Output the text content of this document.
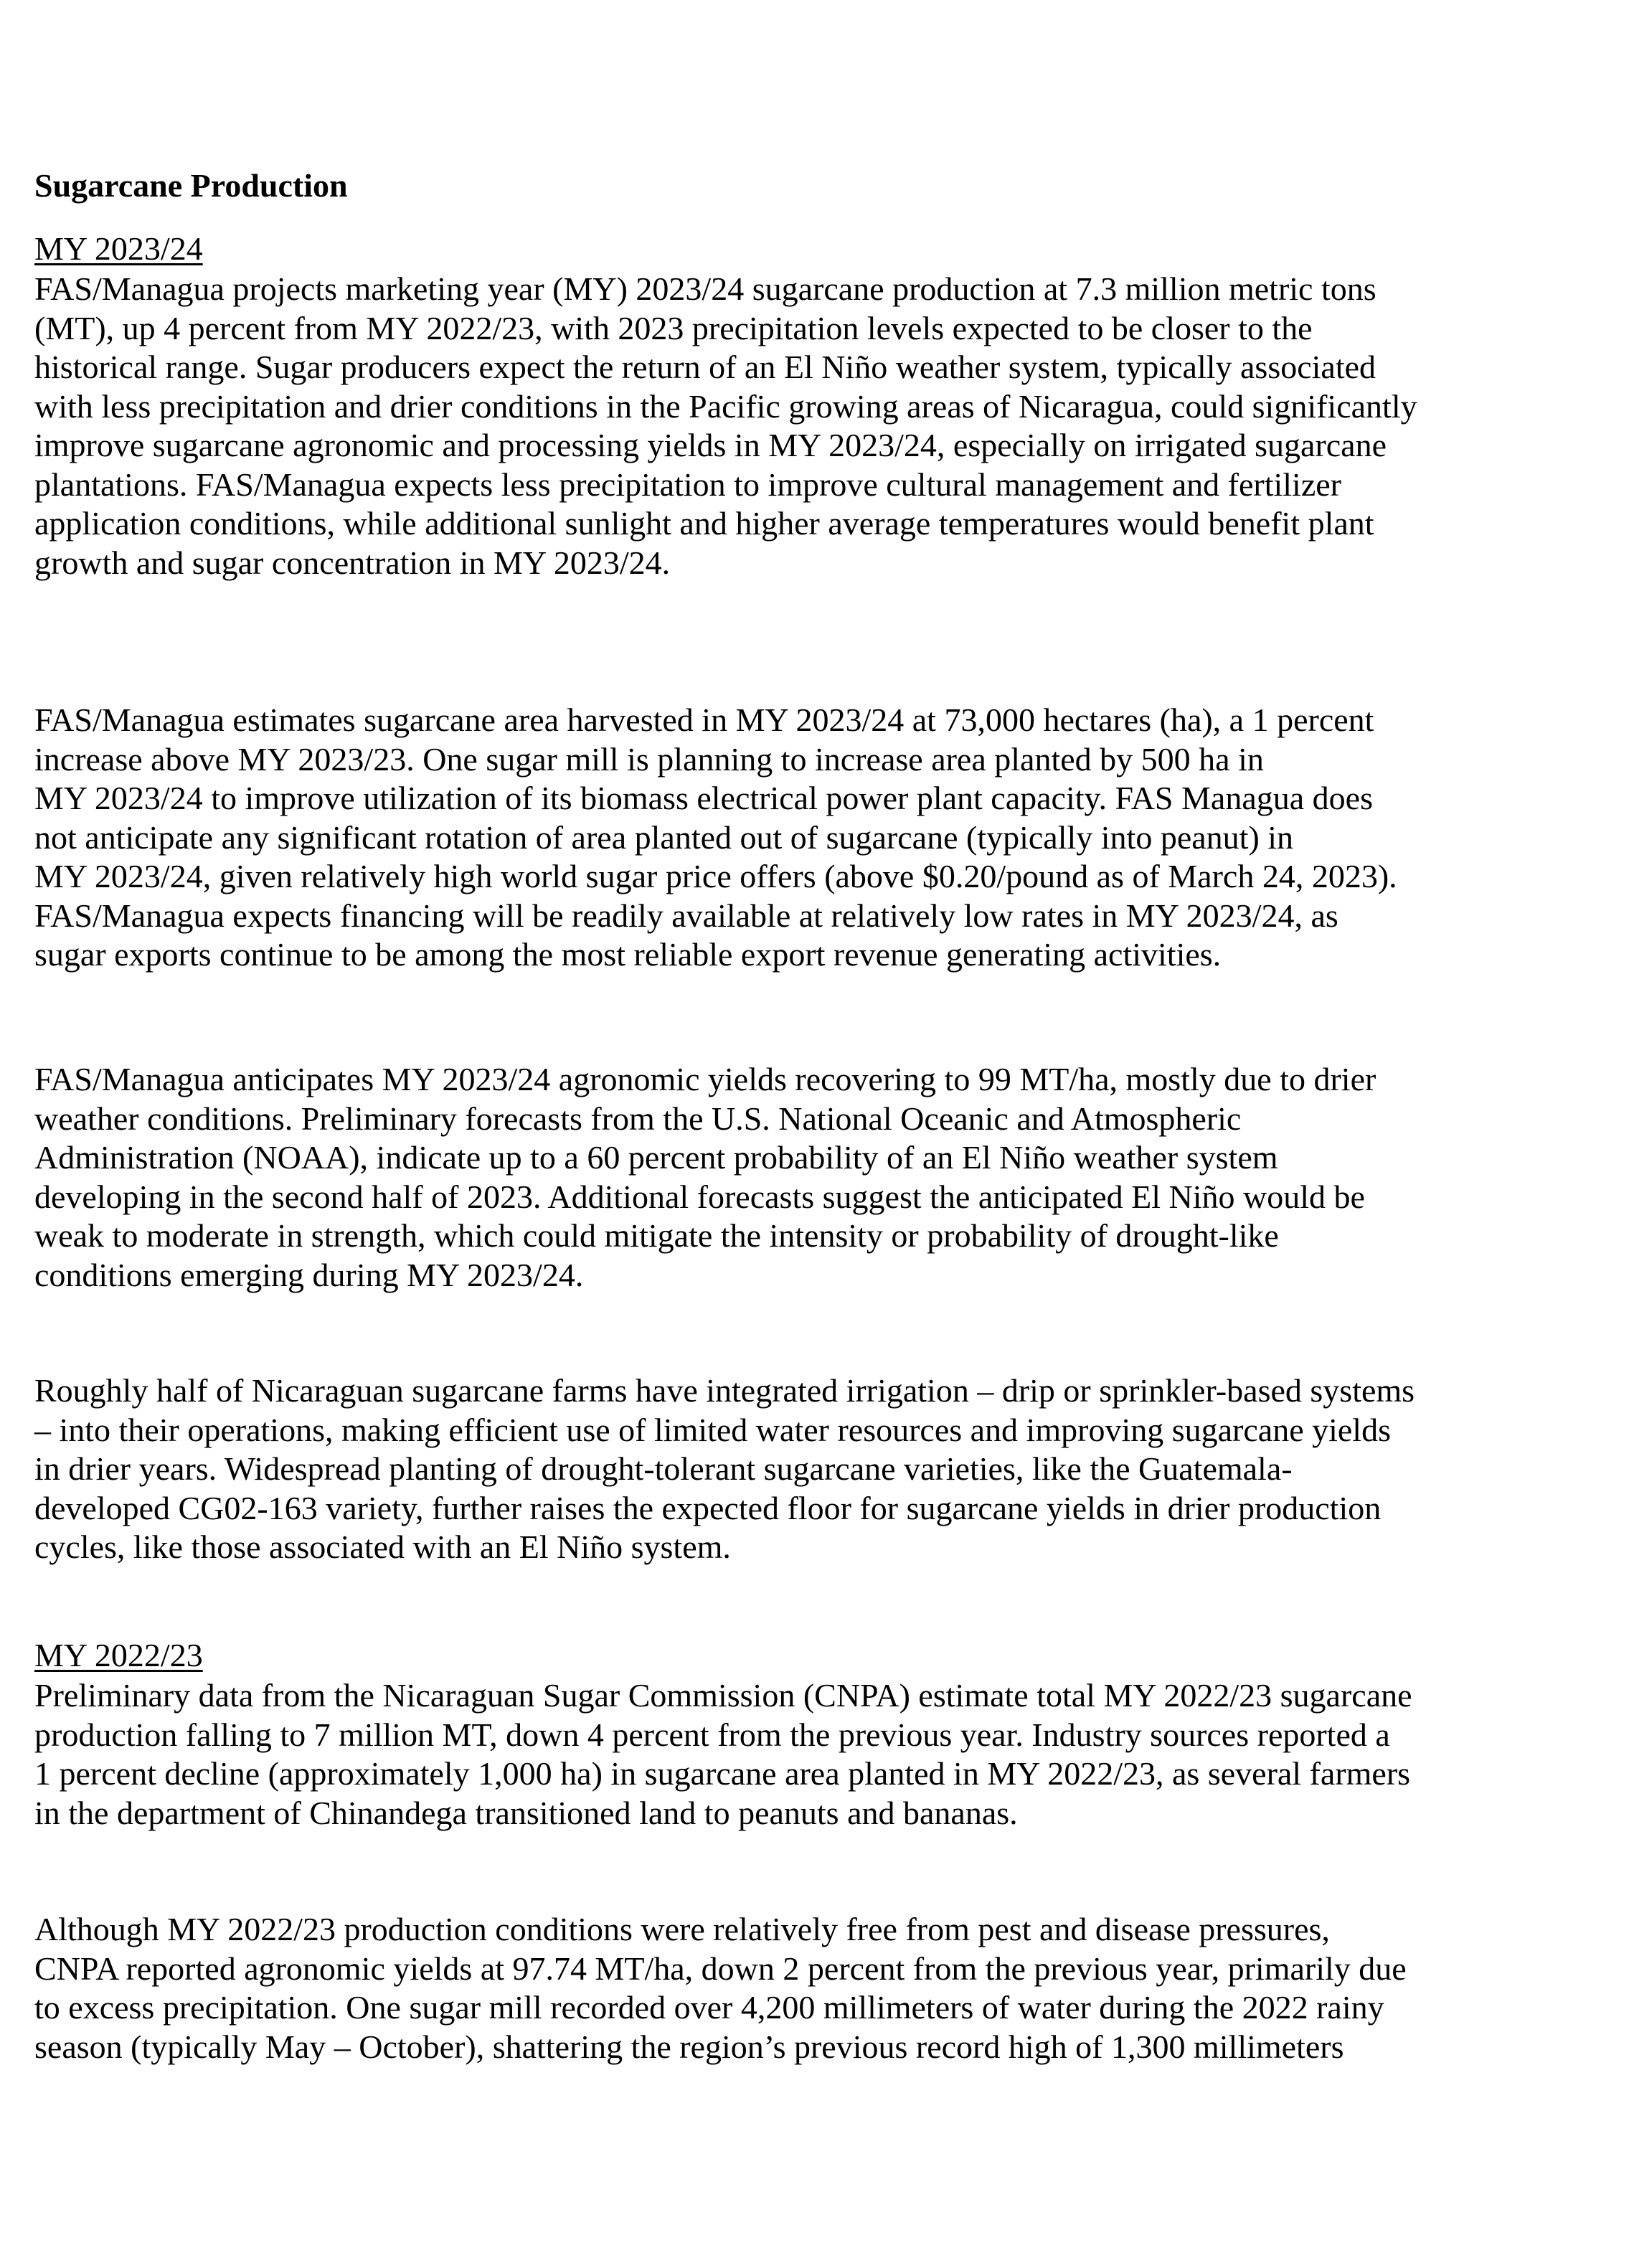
Sugarcane Production
MY 2023/24
FAS/Managua projects marketing year (MY) 2023/24 sugarcane production at 7.3 million metric tons
(MT), up 4 percent from MY 2022/23, with 2023 precipitation levels expected to be closer to the
historical range. Sugar producers expect the return of an El Niño weather system, typically associated
with less precipitation and drier conditions in the Pacific growing areas of Nicaragua, could significantly
improve sugarcane agronomic and processing yields in MY 2023/24, especially on irrigated sugarcane
plantations. FAS/Managua expects less precipitation to improve cultural management and fertilizer
application conditions, while additional sunlight and higher average temperatures would benefit plant
growth and sugar concentration in MY 2023/24.
FAS/Managua estimates sugarcane area harvested in MY 2023/24 at 73,000 hectares (ha), a 1 percent
increase above MY 2023/23. One sugar mill is planning to increase area planted by 500 ha in
MY 2023/24 to improve utilization of its biomass electrical power plant capacity. FAS Managua does
not anticipate any significant rotation of area planted out of sugarcane (typically into peanut) in
MY 2023/24, given relatively high world sugar price offers (above $0.20/pound as of March 24, 2023).
FAS/Managua expects financing will be readily available at relatively low rates in MY 2023/24, as
sugar exports continue to be among the most reliable export revenue generating activities.
FAS/Managua anticipates MY 2023/24 agronomic yields recovering to 99 MT/ha, mostly due to drier
weather conditions. Preliminary forecasts from the U.S. National Oceanic and Atmospheric
Administration (NOAA), indicate up to a 60 percent probability of an El Niño weather system
developing in the second half of 2023. Additional forecasts suggest the anticipated El Niño would be
weak to moderate in strength, which could mitigate the intensity or probability of drought-like
conditions emerging during MY 2023/24.
Roughly half of Nicaraguan sugarcane farms have integrated irrigation – drip or sprinkler-based systems
– into their operations, making efficient use of limited water resources and improving sugarcane yields
in drier years. Widespread planting of drought-tolerant sugarcane varieties, like the Guatemala-
developed CG02-163 variety, further raises the expected floor for sugarcane yields in drier production
cycles, like those associated with an El Niño system.
MY 2022/23
Preliminary data from the Nicaraguan Sugar Commission (CNPA) estimate total MY 2022/23 sugarcane
production falling to 7 million MT, down 4 percent from the previous year. Industry sources reported a
1 percent decline (approximately 1,000 ha) in sugarcane area planted in MY 2022/23, as several farmers
in the department of Chinandega transitioned land to peanuts and bananas.
Although MY 2022/23 production conditions were relatively free from pest and disease pressures,
CNPA reported agronomic yields at 97.74 MT/ha, down 2 percent from the previous year, primarily due
to excess precipitation. One sugar mill recorded over 4,200 millimeters of water during the 2022 rainy
season (typically May – October), shattering the region’s previous record high of 1,300 millimeters
